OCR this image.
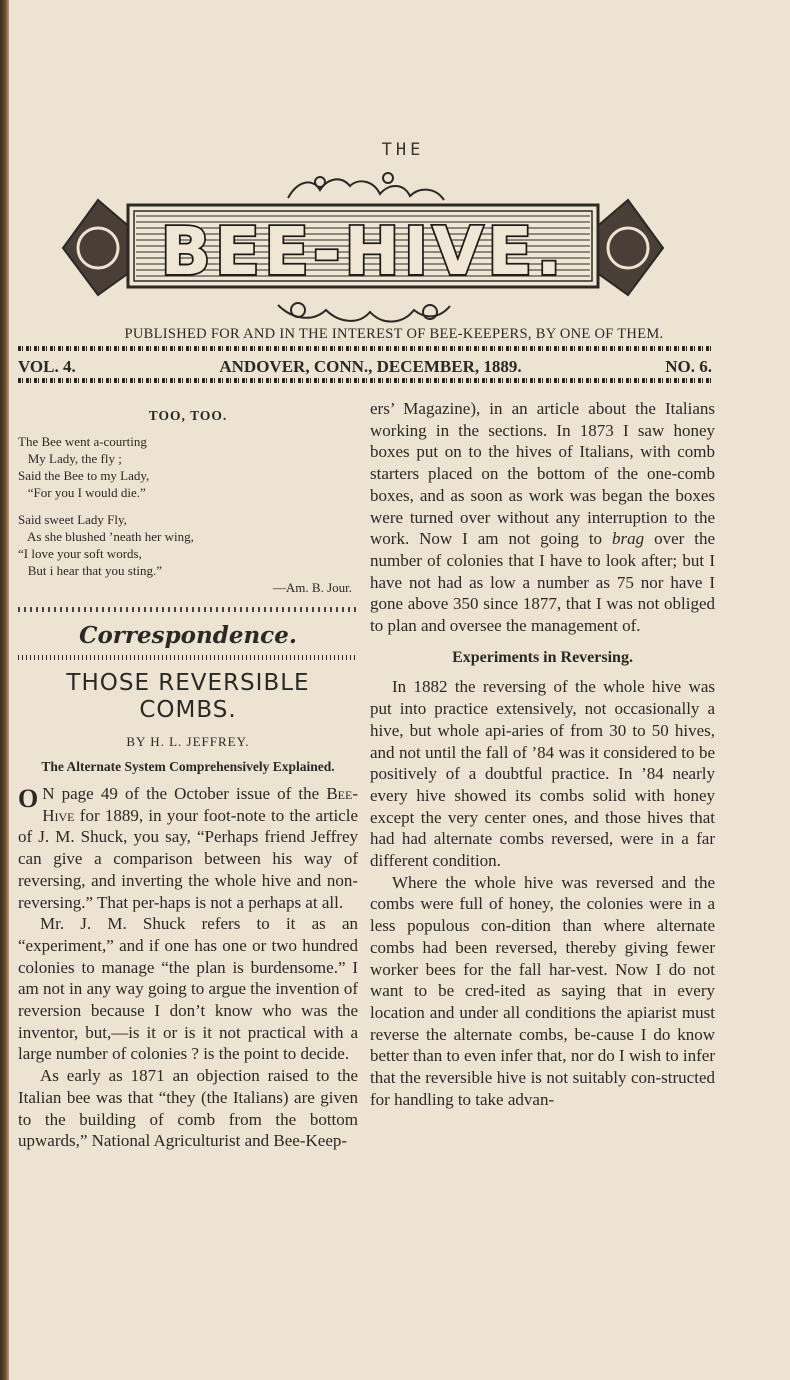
THE
BEE-HIVE.
PUBLISHED FOR AND IN THE INTEREST OF BEE-KEEPERS, BY ONE OF THEM.
VOL. 4.	ANDOVER, CONN., DECEMBER, 1889.	NO. 6.
TOO, TOO.
The Bee went a-courting
My Lady, the fly ;
Said the Bee to my Lady,
“For you I would die.”
Said sweet Lady Fly,
As she blushed ’neath her wing,
“I love your soft words,
But i hear that you sting.”
—Am. B. Jour.
Correspondence.
THOSE REVERSIBLE
COMBS.
BY H. L. JEFFREY.
The Alternate System Comprehensively Explained.

O N page 49 of the October issue of the Bee-Hive for 1889, in your foot-note to the article of J. M. Shuck, you say, “Perhaps friend Jeffrey can give a comparison between his way of reversing, and inverting the whole hive and non-reversing.” That per-haps is not a perhaps at all.

Mr. J. M. Shuck refers to it as an “experiment,” and if one has one or two hundred colonies to manage “the plan is burdensome.” I am not in any way going to argue the invention of reversion because I don’t know who was the inventor, but,—is it or is it not practical with a large number of colonies ? is the point to decide.

As early as 1871 an objection raised to the Italian bee was that “they (the Italians) are given to the building of comb from the bottom upwards,” National Agriculturist and Bee-Keep-

ers’ Magazine), in an article about the Italians working in the sections. In 1873 I saw honey boxes put on to the hives of Italians, with comb starters placed on the bottom of the one-comb boxes, and as soon as work was began the boxes were turned over without any interruption to the work. Now I am not going to brag over the number of colonies that I have to look after; but I have not had as low a number as 75 nor have I gone above 350 since 1877, that I was not obliged to plan and oversee the management of.

Experiments in Reversing.

In 1882 the reversing of the whole hive was put into practice extensively, not occasionally a hive, but whole api-aries of from 30 to 50 hives, and not until the fall of ’84 was it considered to be positively of a doubtful practice. In ’84 nearly every hive showed its combs solid with honey except the very center ones, and those hives that had had alternate combs reversed, were in a far different condition.

Where the whole hive was reversed and the combs were full of honey, the colonies were in a less populous con-dition than where alternate combs had been reversed, thereby giving fewer worker bees for the fall har-vest. Now I do not want to be cred-ited as saying that in every location and under all conditions the apiarist must reverse the alternate combs, be-cause I do know better than to even infer that, nor do I wish to infer that the reversible hive is not suitably con-structed for handling to take advan-
